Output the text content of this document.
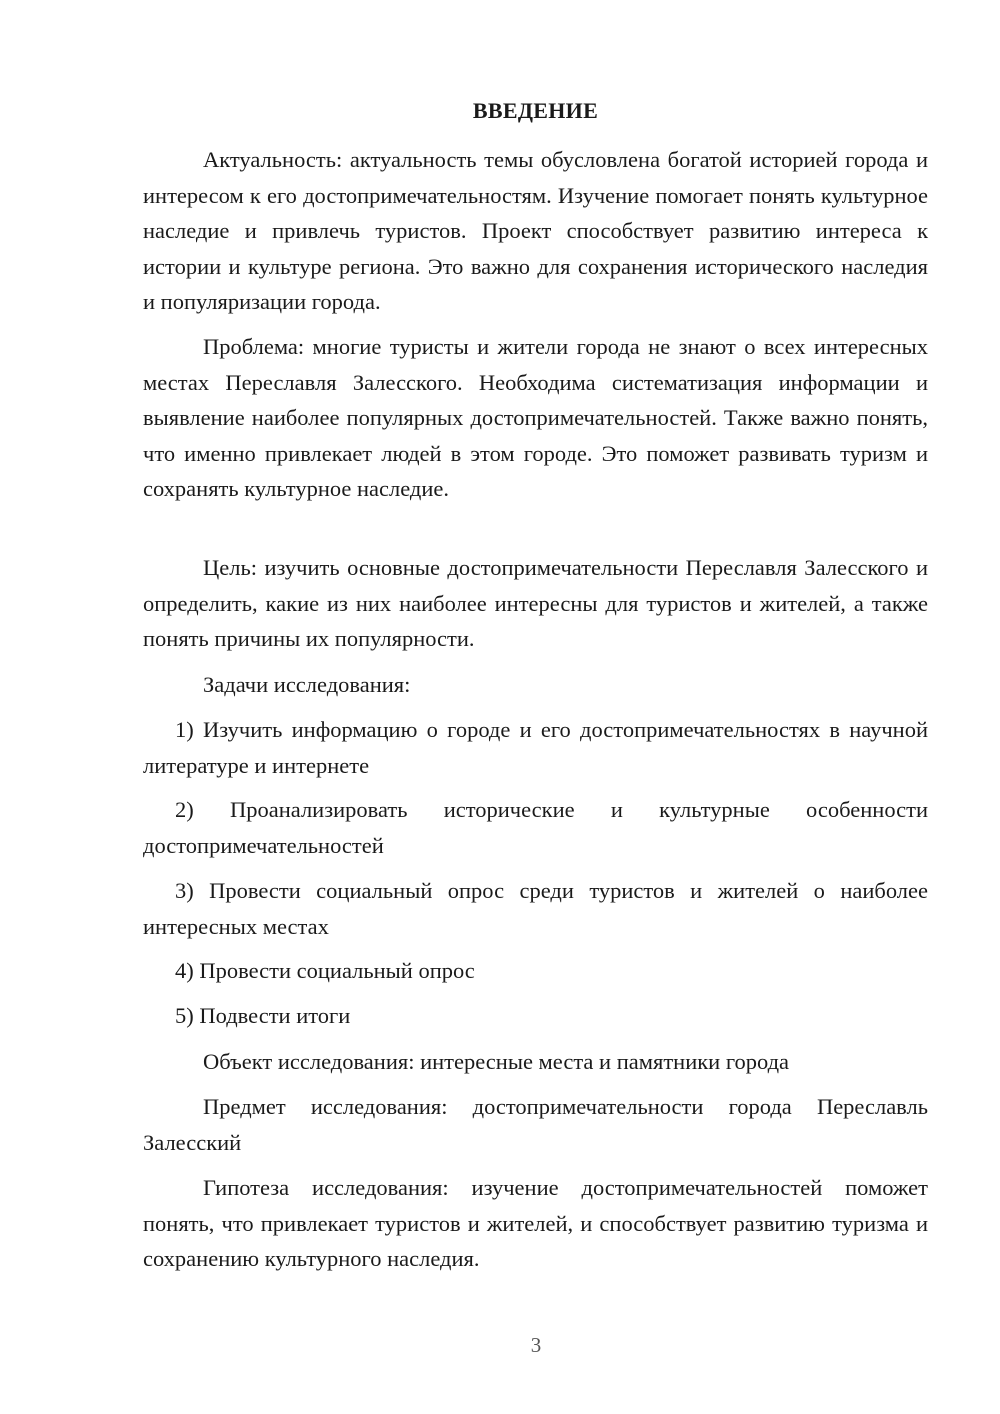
ВВЕДЕНИЕ

Актуальность: актуальность темы обусловлена богатой историей города и интересом к его достопримечательностям. Изучение помогает понять культурное наследие и привлечь туристов. Проект способствует развитию интереса к истории и культуре региона. Это важно для сохранения исторического наследия и популяризации города.

Проблема: многие туристы и жители города не знают о всех интересных местах Переславля Залесского. Необходима систематизация информации и выявление наиболее популярных достопримечательностей. Также важно понять, что именно привлекает людей в этом городе. Это поможет развивать туризм и сохранять культурное наследие.

Цель: изучить основные достопримечательности Переславля Залесского и определить, какие из них наиболее интересны для туристов и жителей, а также понять причины их популярности.

Задачи исследования:

1) Изучить информацию о городе и его достопримечательностях в научной литературе и интернете

2) Проанализировать исторические и культурные особенности достопримечательностей

3) Провести социальный опрос среди туристов и жителей о наиболее интересных местах

4) Провести социальный опрос

5) Подвести итоги

Объект исследования: интересные места и памятники города

Предмет исследования: достопримечательности города Переславль Залесский

Гипотеза исследования: изучение достопримечательностей поможет понять, что привлекает туристов и жителей, и способствует развитию туризма и сохранению культурного наследия.

3
